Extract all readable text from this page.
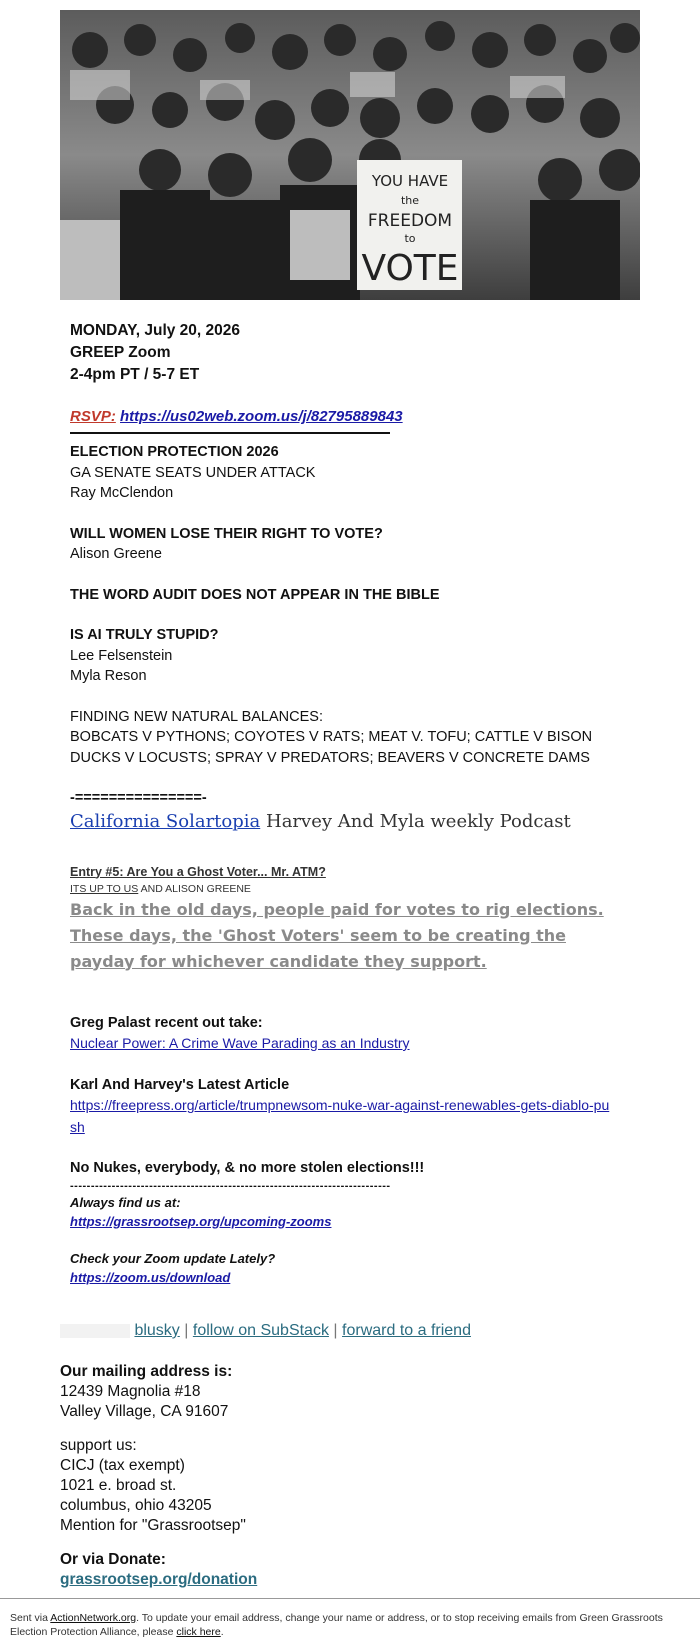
YOU HAVE
the
FREEDOM
to
VOTE

MONDAY, July 20, 2026

GREEP Zoom

2-4pm PT / 5-7 ET

RSVP: https://us02web.zoom.us/j/82795889843

ELECTION PROTECTION 2026

GA SENATE SEATS UNDER ATTACK

Ray McClendon

WILL WOMEN LOSE THEIR RIGHT TO VOTE?

Alison Greene

THE WORD AUDIT DOES NOT APPEAR IN THE BIBLE

IS AI TRULY STUPID?

Lee Felsenstein

Myla Reson

FINDING NEW NATURAL BALANCES:

BOBCATS V PYTHONS; COYOTES V RATS; MEAT V. TOFU; CATTLE V BISON

DUCKS V LOCUSTS; SPRAY V PREDATORS; BEAVERS V CONCRETE DAMS

-===============-

California Solartopia Harvey And Myla weekly Podcast
Entry #5: Are You a Ghost Voter... Mr. ATM?
ITS UP TO US AND ALISON GREENE
Back in the old days, people paid for votes to rig elections. These days, the 'Ghost Voters' seem to be creating the payday for whichever candidate they support.

Greg Palast recent out take:

Nuclear Power: A Crime Wave Parading as an Industry

Karl And Harvey's Latest Article

https://freepress.org/article/trumpnewsom-nuke-war-against-renewables-gets-diablo-push

No Nukes, everybody, & no more stolen elections!!!

-----------------------------------------------------------------------------
Always find us at:
https://grassrootsep.org/upcoming-zooms
Check your Zoom update Lately?
https://zoom.us/download
blusky | follow on SubStack | forward to a friend
Our mailing address is:
12439 Magnolia #18
Valley Village, CA 91607
support us:
CICJ (tax exempt)
1021 e. broad st.
columbus, ohio 43205
Mention for "Grassrootsep"
Or via Donate:
grassrootsep.org/donation
Sent via ActionNetwork.org. To update your email address, change your name or address, or to stop receiving emails from Green Grassroots Election Protection Alliance, please click here.
